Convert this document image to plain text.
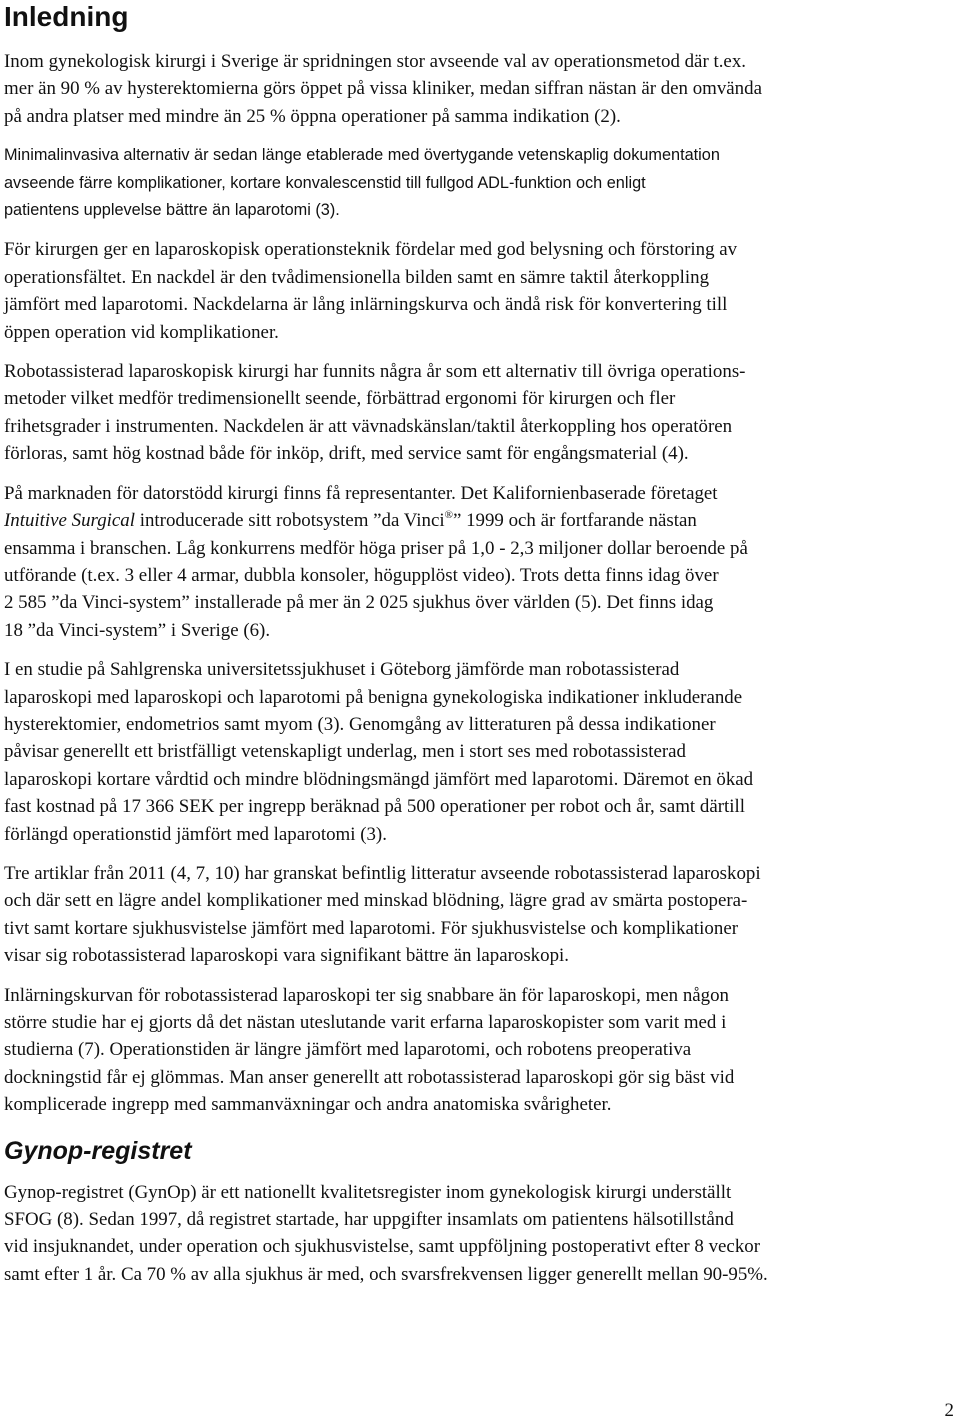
Inledning

Inom gynekologisk kirurgi i Sverige är spridningen stor avseende val av operationsmetod där t.ex.
mer än 90 % av hysterektomierna görs öppet på vissa kliniker, medan siffran nästan är den omvända
på andra platser med mindre än 25 % öppna operationer på samma indikation (2).

Minimalinvasiva alternativ är sedan länge etablerade med övertygande vetenskaplig dokumentation
avseende färre komplikationer, kortare konvalescenstid till fullgod ADL-funktion och enligt
patientens upplevelse bättre än laparotomi (3).

För kirurgen ger en laparoskopisk operationsteknik fördelar med god belysning och förstoring av
operationsfältet. En nackdel är den tvådimensionella bilden samt en sämre taktil återkoppling
jämfört med laparotomi. Nackdelarna är lång inlärningskurva och ändå risk för konvertering till
öppen operation vid komplikationer.

Robotassisterad laparoskopisk kirurgi har funnits några år som ett alternativ till övriga operations-
metoder vilket medför tredimensionellt seende, förbättrad ergonomi för kirurgen och fler
frihetsgrader i instrumenten. Nackdelen är att vävnadskänslan/taktil återkoppling hos operatören
förloras, samt hög kostnad både för inköp, drift, med service samt för engångsmaterial (4).

På marknaden för datorstödd kirurgi finns få representanter. Det Kalifornienbaserade företaget
Intuitive Surgical introducerade sitt robotsystem ”da Vinci®” 1999 och är fortfarande nästan
ensamma i branschen. Låg konkurrens medför höga priser på 1,0 - 2,3 miljoner dollar beroende på
utförande (t.ex. 3 eller 4 armar, dubbla konsoler, högupplöst video). Trots detta finns idag över
2 585 ”da Vinci-system” installerade på mer än 2 025 sjukhus över världen (5). Det finns idag
18 ”da Vinci-system” i Sverige (6).

I en studie på Sahlgrenska universitetssjukhuset i Göteborg jämförde man robotassisterad
laparoskopi med laparoskopi och laparotomi på benigna gynekologiska indikationer inkluderande
hysterektomier, endometrios samt myom (3). Genomgång av litteraturen på dessa indikationer
påvisar generellt ett bristfälligt vetenskapligt underlag, men i stort ses med robotassisterad
laparoskopi kortare vårdtid och mindre blödningsmängd jämfört med laparotomi. Däremot en ökad
fast kostnad på 17 366 SEK per ingrepp beräknad på 500 operationer per robot och år, samt därtill
förlängd operationstid jämfört med laparotomi (3).

Tre artiklar från 2011 (4, 7, 10) har granskat befintlig litteratur avseende robotassisterad laparoskopi
och där sett en lägre andel komplikationer med minskad blödning, lägre grad av smärta postopera-
tivt samt kortare sjukhusvistelse jämfört med laparotomi. För sjukhusvistelse och komplikationer
visar sig robotassisterad laparoskopi vara signifikant bättre än laparoskopi.

Inlärningskurvan för robotassisterad laparoskopi ter sig snabbare än för laparoskopi, men någon
större studie har ej gjorts då det nästan uteslutande varit erfarna laparoskopister som varit med i
studierna (7). Operationstiden är längre jämfört med laparotomi, och robotens preoperativa
dockningstid får ej glömmas. Man anser generellt att robotassisterad laparoskopi gör sig bäst vid
komplicerade ingrepp med sammanväxningar och andra anatomiska svårigheter.

Gynop-registret

Gynop-registret (GynOp) är ett nationellt kvalitetsregister inom gynekologisk kirurgi underställt
SFOG (8). Sedan 1997, då registret startade, har uppgifter insamlats om patientens hälsotillstånd
vid insjuknandet, under operation och sjukhusvistelse, samt uppföljning postoperativt efter 8 veckor
samt efter 1 år. Ca 70 % av alla sjukhus är med, och svarsfrekvensen ligger generellt mellan 90-95%.

2
